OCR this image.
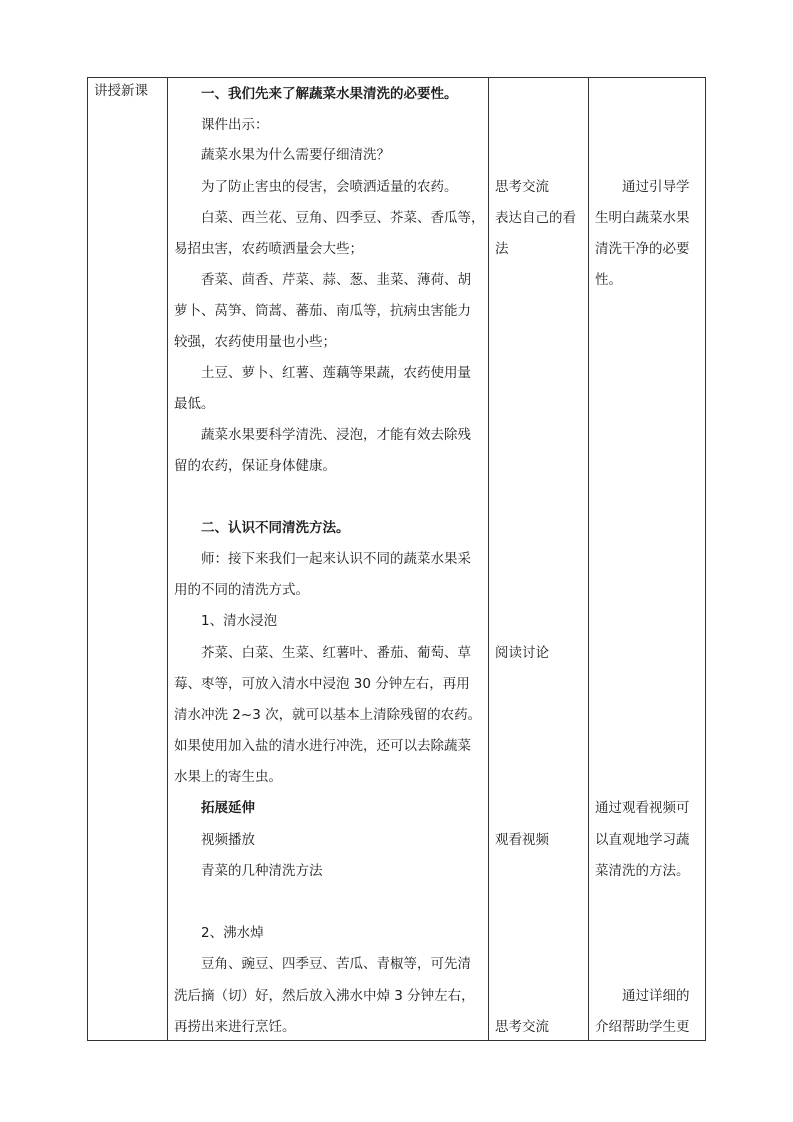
讲授新课	一、我们先来了解蔬菜水果清洗的必要性。
课件出示：
蔬菜水果为什么需要仔细清洗？
为了防止害虫的侵害，会喷洒适量的农药。
白菜、西兰花、豆角、四季豆、芥菜、香瓜等，
易招虫害，农药喷洒量会大些；
香菜、茴香、芹菜、蒜、葱、韭菜、薄荷、胡
萝卜、莴笋、筒蒿、蕃茄、南瓜等，抗病虫害能力
较强，农药使用量也小些；
土豆、萝卜、红薯、莲藕等果蔬，农药使用量
最低。
蔬菜水果要科学清洗、浸泡，才能有效去除残
留的农药，保证身体健康。
二、认识不同清洗方法。
师：接下来我们一起来认识不同的蔬菜水果采
用的不同的清洗方式。
1、清水浸泡
芥菜、白菜、生菜、红薯叶、番茄、葡萄、草
莓、枣等，可放入清水中浸泡 30 分钟左右，再用
清水冲洗 2~3 次，就可以基本上清除残留的农药。
如果使用加入盐的清水进行冲洗，还可以去除蔬菜
水果上的寄生虫。
拓展延伸
视频播放
青菜的几种清洗方法
2、沸水焯
豆角、豌豆、四季豆、苦瓜、青椒等，可先清
洗后摘（切）好，然后放入沸水中焯 3 分钟左右，
再捞出来进行烹饪。
思考交流
表达自己的看
法
阅读讨论
观看视频
思考交流
通过引导学
生明白蔬菜水果
清洗干净的必要
性。
通过观看视频可
以直观地学习蔬
菜清洗的方法。
通过详细的
介绍帮助学生更
